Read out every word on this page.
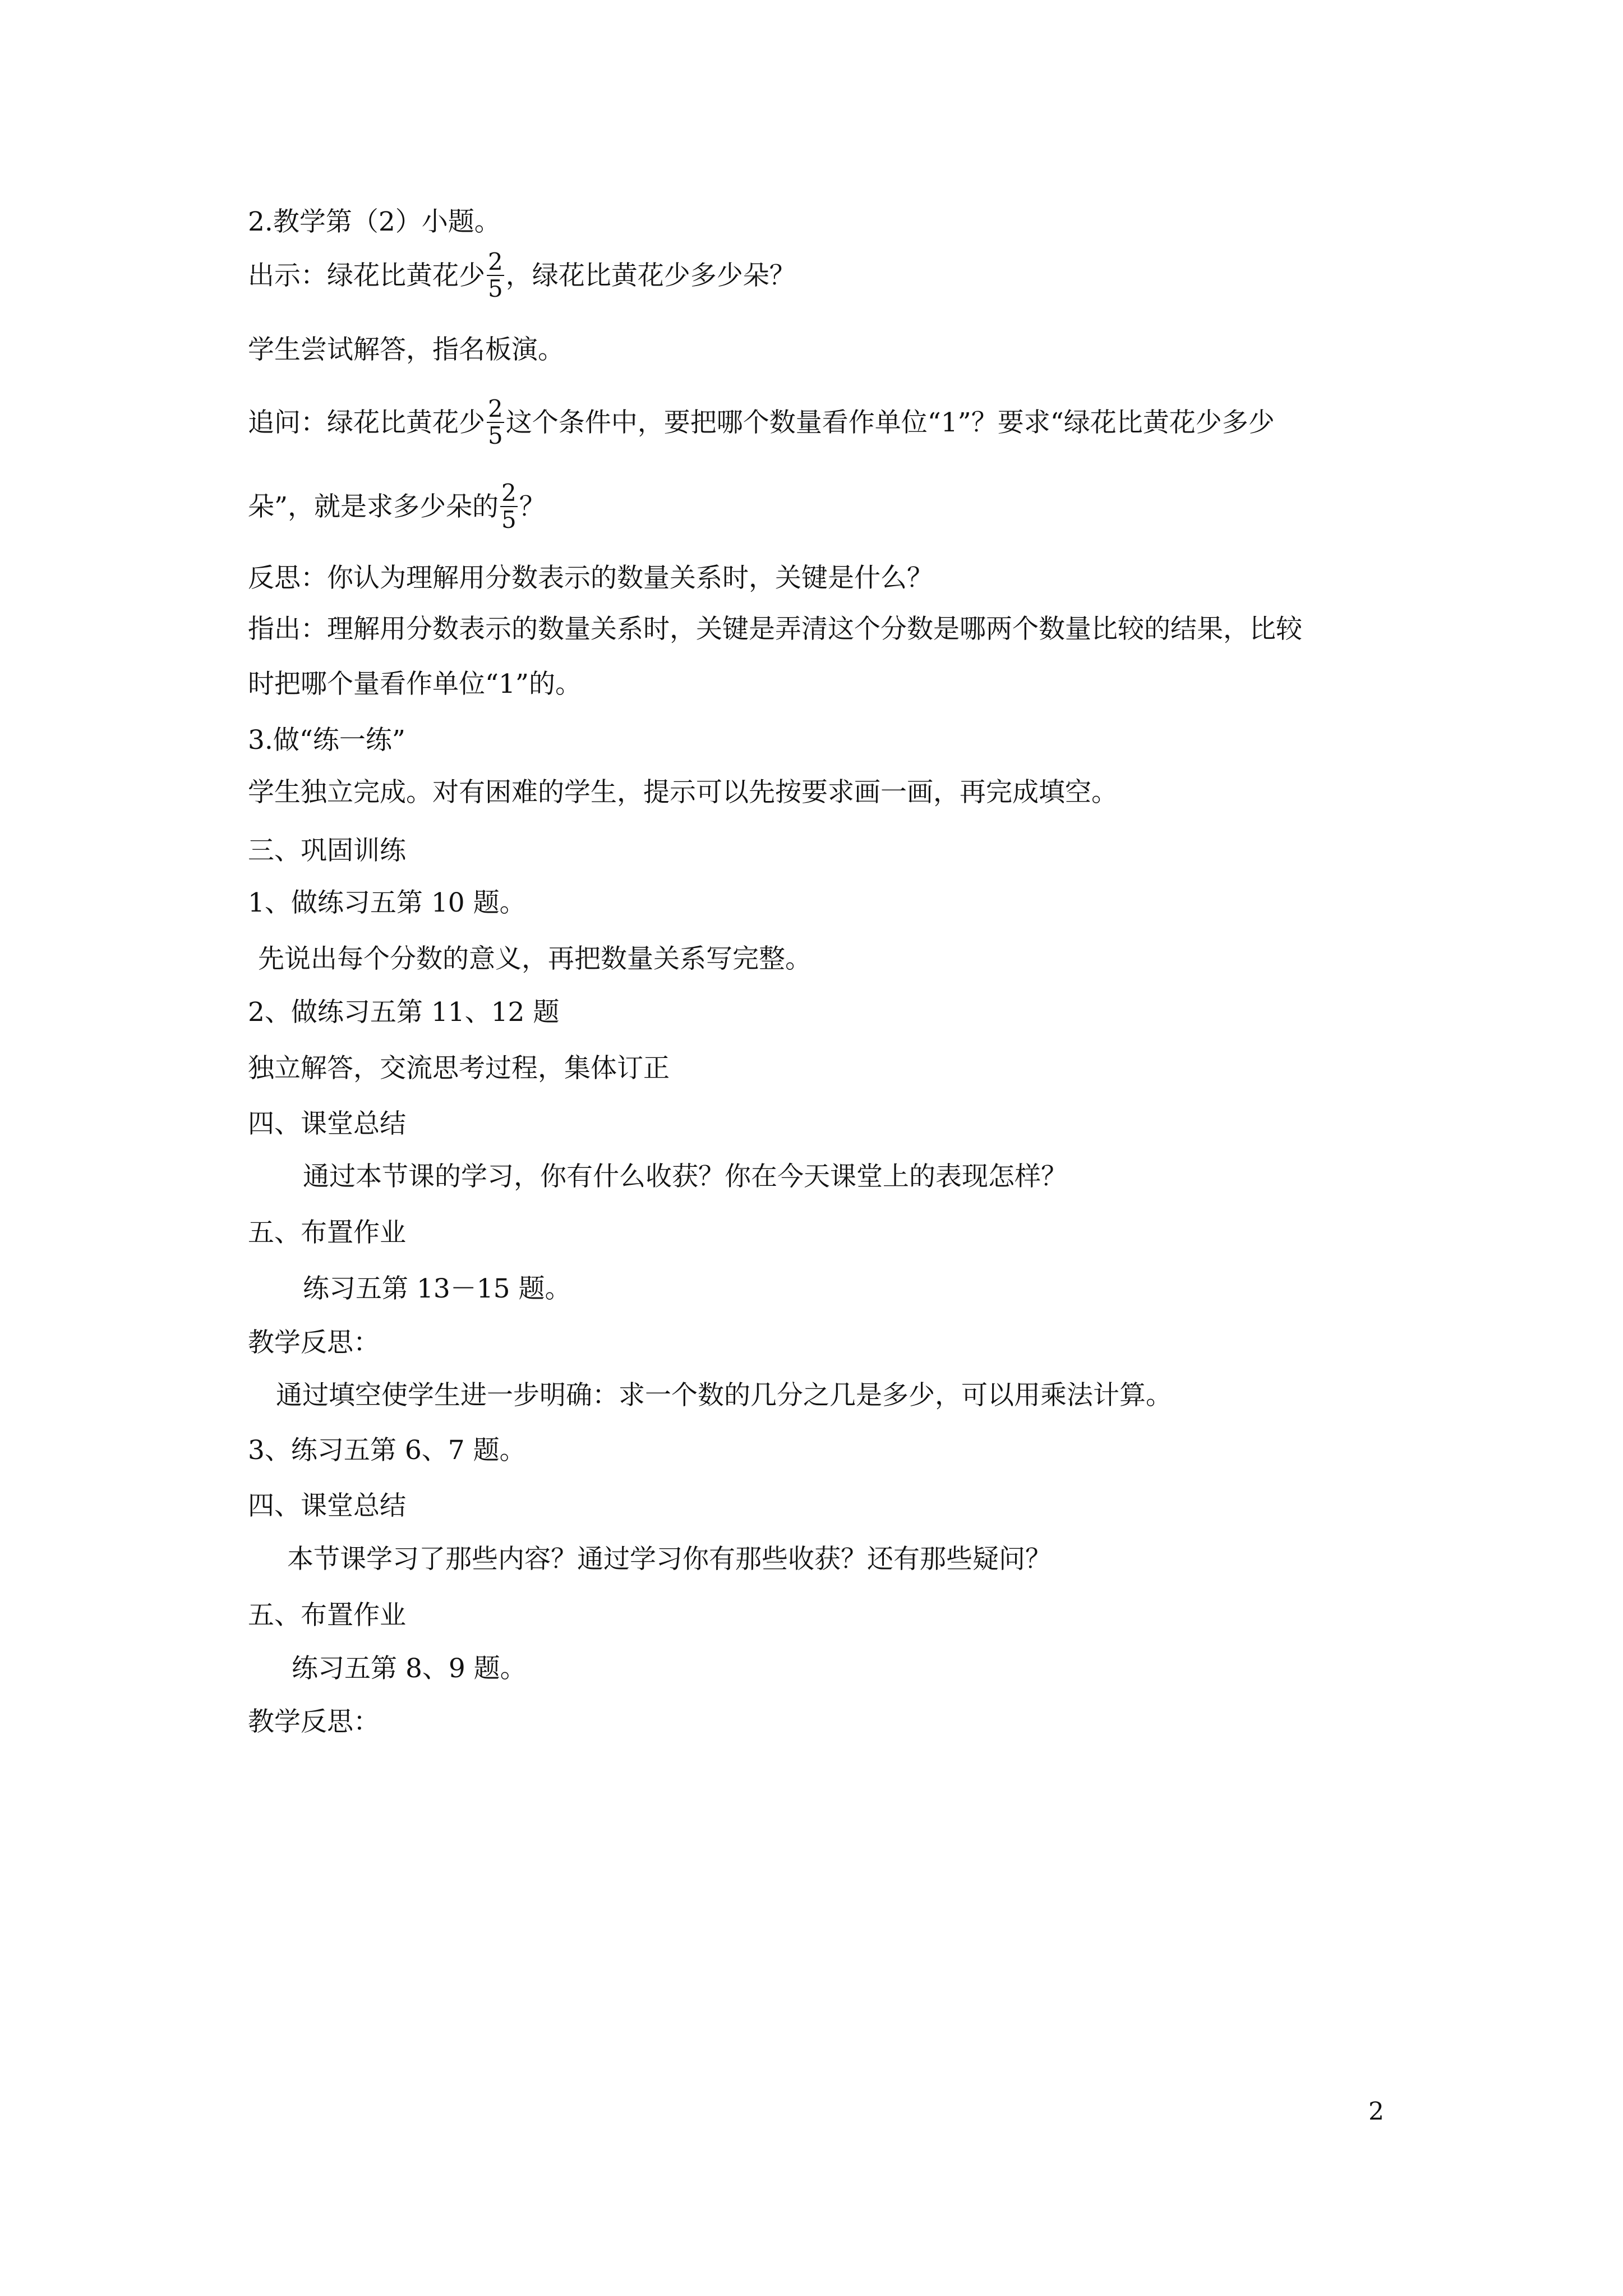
2.教学第（2）小题。
出示：绿花比黄花少 $\frac{2}{5}$ ，绿花比黄花少多少朵？
学生尝试解答，指名板演。
追问：绿花比黄花少 $\frac{2}{5}$ 这个条件中，要把哪个数量看作单位“1”？要求“绿花比黄花少多少
朵”，就是求多少朵的 $\frac{2}{5}$ ？
反思：你认为理解用分数表示的数量关系时，关键是什么？
指出：理解用分数表示的数量关系时，关键是弄清这个分数是哪两个数量比较的结果，比较
时把哪个量看作单位“1”的。
3.做“练一练”
学生独立完成。对有困难的学生，提示可以先按要求画一画，再完成填空。
三、巩固训练
1、做练习五第 10 题。
先说出每个分数的意义，再把数量关系写完整。
2、做练习五第 11、12 题
独立解答，交流思考过程，集体订正
四、课堂总结
通过本节课的学习，你有什么收获？你在今天课堂上的表现怎样？
五、布置作业
练习五第 13－15 题。
教学反思：
通过填空使学生进一步明确：求一个数的几分之几是多少，可以用乘法计算。
3、练习五第 6、7 题。
四、课堂总结
本节课学习了那些内容？通过学习你有那些收获？还有那些疑问？
五、布置作业
练习五第 8、9 题。
教学反思：
2
